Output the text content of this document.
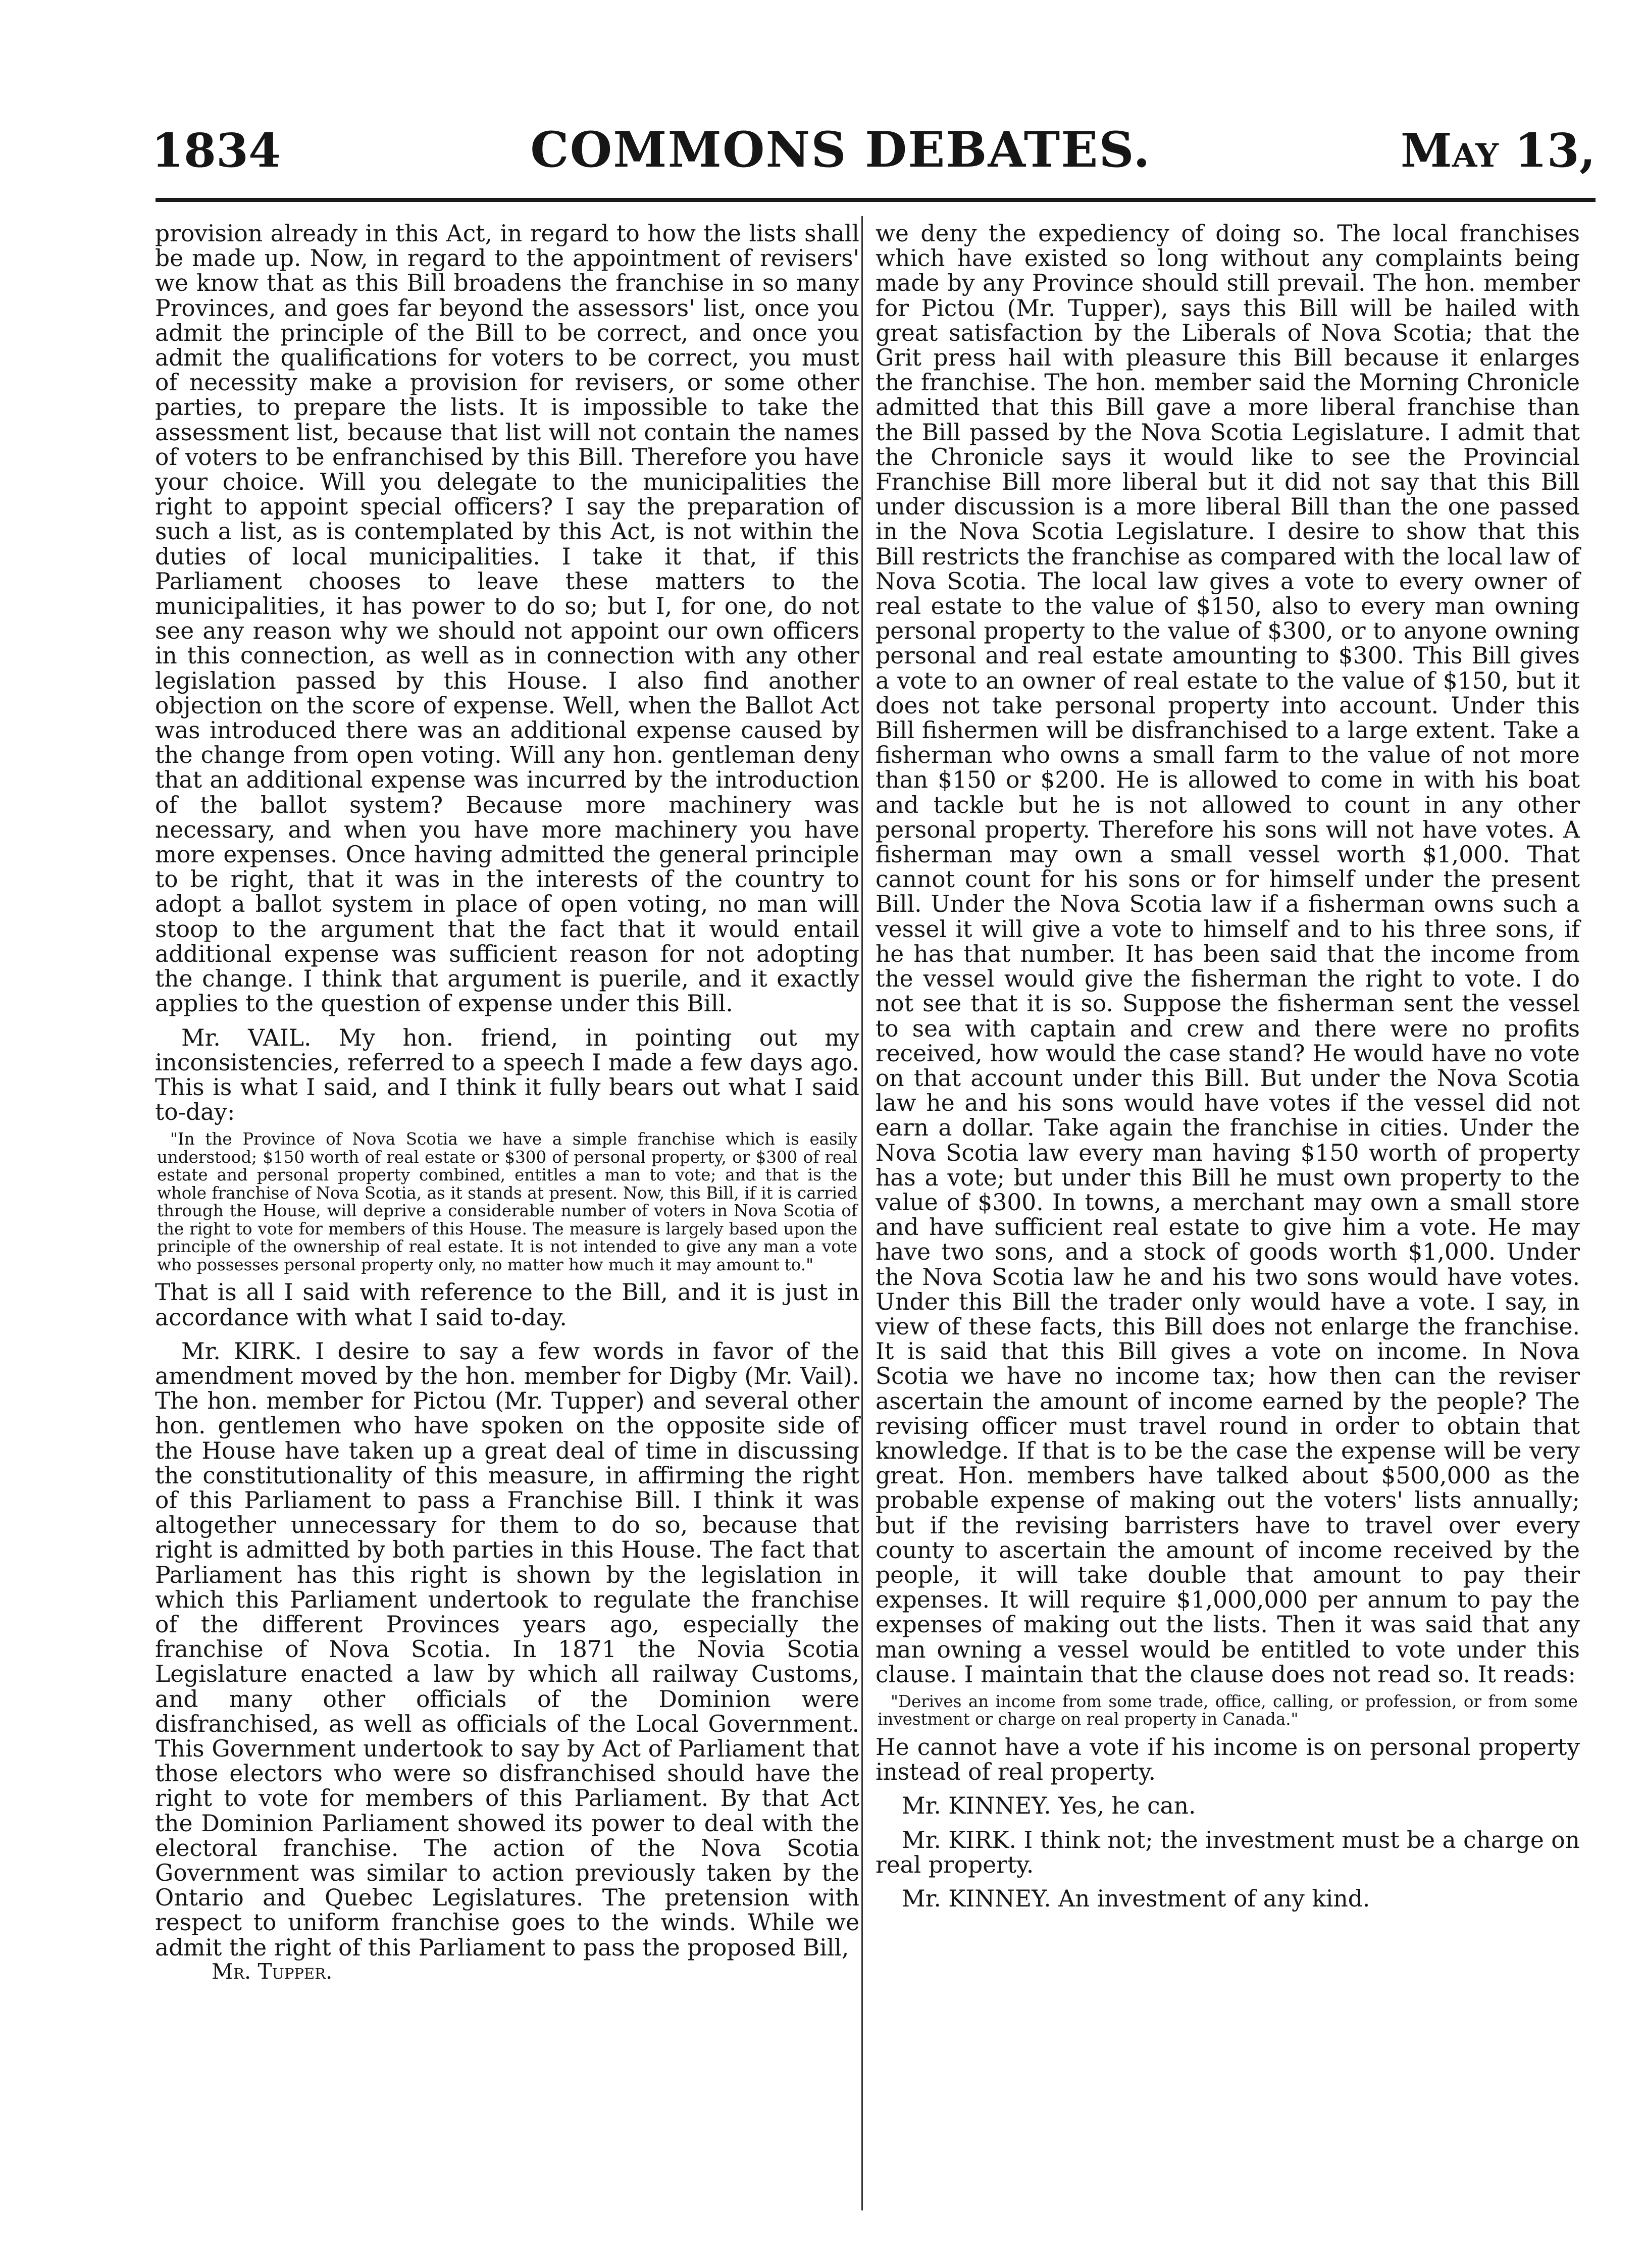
1834	COMMONS DEBATES.	May 13,

provision already in this Act, in regard to how the lists shall be made up. Now, in regard to the appointment of revisers' we know that as this Bill broadens the franchise in so many Provinces, and goes far beyond the assessors' list, once you admit the principle of the Bill to be correct, and once you admit the qualifications for voters to be correct, you must of necessity make a provision for revisers, or some other parties, to prepare the lists. It is impossible to take the assessment list, because that list will not contain the names of voters to be enfranchised by this Bill. Therefore you have your choice. Will you delegate to the municipalities the right to appoint special officers? I say the preparation of such a list, as is contemplated by this Act, is not within the duties of local municipalities. I take it that, if this Parliament chooses to leave these matters to the municipalities, it has power to do so; but I, for one, do not see any reason why we should not appoint our own officers in this connection, as well as in connection with any other legislation passed by this House. I also find another objection on the score of expense. Well, when the Ballot Act was introduced there was an additional expense caused by the change from open voting. Will any hon. gentleman deny that an additional expense was incurred by the introduction of the ballot system? Because more machinery was necessary, and when you have more machinery you have more expenses. Once having admitted the general principle to be right, that it was in the interests of the country to adopt a ballot system in place of open voting, no man will stoop to the argument that the fact that it would entail additional expense was sufficient reason for not adopting the change. I think that argument is puerile, and it exactly applies to the question of expense under this Bill.

Mr. VAIL. My hon. friend, in pointing out my inconsistencies, referred to a speech I made a few days ago. This is what I said, and I think it fully bears out what I said to-day:

"In the Province of Nova Scotia we have a simple franchise which is easily understood; $150 worth of real estate or $300 of personal property, or $300 of real estate and personal property combined, entitles a man to vote; and that is the whole franchise of Nova Scotia, as it stands at present. Now, this Bill, if it is carried through the House, will deprive a considerable number of voters in Nova Scotia of the right to vote for members of this House. The measure is largely based upon the principle of the ownership of real estate. It is not intended to give any man a vote who possesses personal property only, no matter how much it may amount to."

That is all I said with reference to the Bill, and it is just in accordance with what I said to-day.

Mr. KIRK. I desire to say a few words in favor of the amendment moved by the hon. member for Digby (Mr. Vail). The hon. member for Pictou (Mr. Tupper) and several other hon. gentlemen who have spoken on the opposite side of the House have taken up a great deal of time in discussing the constitutionality of this measure, in affirming the right of this Parliament to pass a Franchise Bill. I think it was altogether unnecessary for them to do so, because that right is admitted by both parties in this House. The fact that Parliament has this right is shown by the legislation in which this Parliament undertook to regulate the franchise of the different Provinces years ago, especially the franchise of Nova Scotia. In 1871 the Novia Scotia Legislature enacted a law by which all railway Customs, and many other officials of the Dominion were disfranchised, as well as officials of the Local Government. This Government undertook to say by Act of Parliament that those electors who were so disfranchised should have the right to vote for members of this Parliament. By that Act the Dominion Parliament showed its power to deal with the electoral franchise. The action of the Nova Scotia Government was similar to action previously taken by the Ontario and Quebec Legislatures. The pretension with respect to uniform franchise goes to the winds. While we admit the right of this Parliament to pass the proposed Bill,

Mr. Tupper.

we deny the expediency of doing so. The local franchises which have existed so long without any complaints being made by any Province should still prevail. The hon. member for Pictou (Mr. Tupper), says this Bill will be hailed with great satisfaction by the Liberals of Nova Scotia; that the Grit press hail with pleasure this Bill because it enlarges the franchise. The hon. member said the Morning Chronicle admitted that this Bill gave a more liberal franchise than the Bill passed by the Nova Scotia Legislature. I admit that the Chronicle says it would like to see the Provincial Franchise Bill more liberal but it did not say that this Bill under discussion is a more liberal Bill than the one passed in the Nova Scotia Legislature. I desire to show that this Bill restricts the franchise as compared with the local law of Nova Scotia. The local law gives a vote to every owner of real estate to the value of $150, also to every man owning personal property to the value of $300, or to anyone owning personal and real estate amounting to $300. This Bill gives a vote to an owner of real estate to the value of $150, but it does not take personal property into account. Under this Bill fishermen will be disfranchised to a large extent. Take a fisherman who owns a small farm to the value of not more than $150 or $200. He is allowed to come in with his boat and tackle but he is not allowed to count in any other personal property. Therefore his sons will not have votes. A fisherman may own a small vessel worth $1,000. That cannot count for his sons or for himself under the present Bill. Under the Nova Scotia law if a fisherman owns such a vessel it will give a vote to himself and to his three sons, if he has that number. It has been said that the income from the vessel would give the fisherman the right to vote. I do not see that it is so. Suppose the fisherman sent the vessel to sea with captain and crew and there were no profits received, how would the case stand? He would have no vote on that account under this Bill. But under the Nova Scotia law he and his sons would have votes if the vessel did not earn a dollar. Take again the franchise in cities. Under the Nova Scotia law every man having $150 worth of property has a vote; but under this Bill he must own property to the value of $300. In towns, a merchant may own a small store and have sufficient real estate to give him a vote. He may have two sons, and a stock of goods worth $1,000. Under the Nova Scotia law he and his two sons would have votes. Under this Bill the trader only would have a vote. I say, in view of these facts, this Bill does not enlarge the franchise. It is said that this Bill gives a vote on income. In Nova Scotia we have no income tax; how then can the reviser ascertain the amount of income earned by the people? The revising officer must travel round in order to obtain that knowledge. If that is to be the case the expense will be very great. Hon. members have talked about $500,000 as the probable expense of making out the voters' lists annually; but if the revising barristers have to travel over every county to ascertain the amount of income received by the people, it will take double that amount to pay their expenses. It will require $1,000,000 per annum to pay the expenses of making out the lists. Then it was said that any man owning a vessel would be entitled to vote under this clause. I maintain that the clause does not read so. It reads:

"Derives an income from some trade, office, calling, or profession, or from some investment or charge on real property in Canada."

He cannot have a vote if his income is on personal property instead of real property.

Mr. KINNEY. Yes, he can.

Mr. KIRK. I think not; the investment must be a charge on real property.

Mr. KINNEY. An investment of any kind.
